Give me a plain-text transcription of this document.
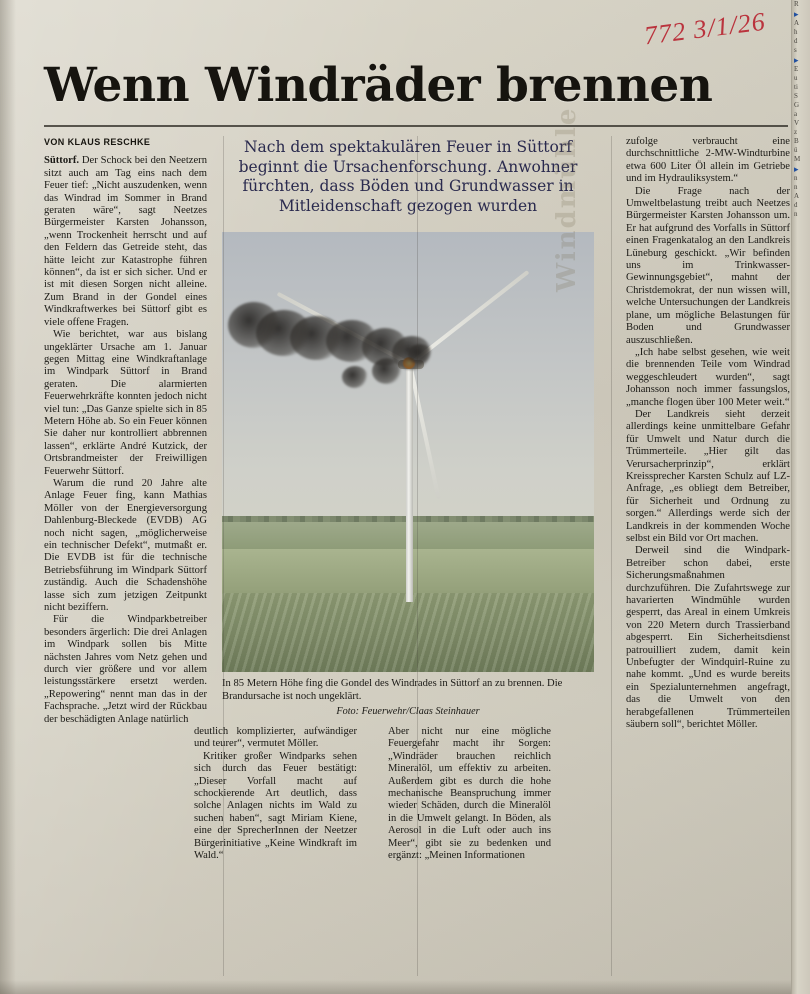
772 3/1/26
Wenn Windräder brennen
Nach dem spektakulären Feuer in Süttorf beginnt die Ursachenforschung. Anwohner fürchten, dass Böden und Grundwasser in Mitleidenschaft gezogen wurden Windmühle
In 85 Metern Höhe fing die Gondel des Windrades in Süttorf an zu brennen. Die Brandursache ist noch ungeklärt.
Foto: Feuerwehr/Claas Steinhauer
VON KLAUS RESCHKE

Süttorf. Der Schock bei den Neetzern sitzt auch am Tag eins nach dem Feuer tief: „Nicht auszudenken, wenn das Windrad im Sommer in Brand geraten wäre“, sagt Neetzes Bürgermeister Karsten Johansson, „wenn Trockenheit herrscht und auf den Feldern das Getreide steht, das hätte leicht zur Katastrophe führen können“, da ist er sich sicher. Und er ist mit diesen Sorgen nicht alleine. Zum Brand in der Gondel eines Windkraftwerkes bei Süttorf gibt es viele offene Fragen.

Wie berichtet, war aus bislang ungeklärter Ursache am 1. Januar gegen Mittag eine Windkraftanlage im Windpark Süttorf in Brand geraten. Die alarmierten Feuerwehrkräfte konnten jedoch nicht viel tun: „Das Ganze spielte sich in 85 Metern Höhe ab. So ein Feuer können Sie daher nur kontrolliert abbrennen lassen“, erklärte André Kutzick, der Ortsbrandmeister der Freiwilligen Feuerwehr Süttorf.

Warum die rund 20 Jahre alte Anlage Feuer fing, kann Mathias Möller von der Energieversorgung Dahlenburg-Bleckede (EVDB) AG noch nicht sagen, „möglicherweise ein technischer Defekt“, mutmaßt er. Die EVDB ist für die technische Betriebsführung im Windpark Süttorf zuständig. Auch die Schadenshöhe lasse sich zum jetzigen Zeitpunkt nicht beziffern.

Für die Windparkbetreiber besonders ärgerlich: Die drei Anlagen im Windpark sollen bis Mitte nächsten Jahres vom Netz gehen und durch vier größere und vor allem leistungsstärkere ersetzt werden. „Repowering“ nennt man das in der Fachsprache. „Jetzt wird der Rückbau der beschädigten Anlage natürlich

zufolge verbraucht eine durchschnittliche 2-MW-Windturbine etwa 600 Liter Öl allein im Getriebe und im Hydrauliksystem.“

Die Frage nach der Umweltbelastung treibt auch Neetzes Bürgermeister Karsten Johansson um. Er hat aufgrund des Vorfalls in Süttorf einen Fragenkatalog an den Landkreis Lüneburg geschickt. „Wir befinden uns im Trinkwasser-Gewinnungsgebiet“, mahnt der Christdemokrat, der nun wissen will, welche Untersuchungen der Landkreis plane, um mögliche Belastungen für Boden und Grundwasser auszuschließen.

„Ich habe selbst gesehen, wie weit die brennenden Teile vom Windrad weggeschleudert wurden“, sagt Johansson noch immer fassungslos, „manche flogen über 100 Meter weit.“

Der Landkreis sieht derzeit allerdings keine unmittelbare Gefahr für Umwelt und Natur durch die Trümmerteile. „Hier gilt das Verursacherprinzip“, erklärt Kreissprecher Karsten Schulz auf LZ-Anfrage, „es obliegt dem Betreiber, für Sicherheit und Ordnung zu sorgen.“ Allerdings werde sich der Landkreis in der kommenden Woche selbst ein Bild vor Ort machen.

Derweil sind die Windpark-Betreiber schon dabei, erste Sicherungsmaßnahmen durchzuführen. Die Zufahrtswege zur havarierten Windmühle wurden gesperrt, das Areal in einem Umkreis von 220 Metern durch Trassierband abgesperrt. Ein Sicherheitsdienst patrouilliert zudem, damit kein Unbefugter der Windquirl-Ruine zu nahe kommt. „Und es wurde bereits ein Spezialunternehmen angefragt, das die Umwelt von den herabgefallenen Trümmerteilen säubern soll“, berichtet Möller.

deutlich komplizierter, aufwändiger und teurer“, vermutet Möller.

Kritiker großer Windparks sehen sich durch das Feuer bestätigt: „Dieser Vorfall macht auf schockierende Art deutlich, dass solche Anlagen nichts im Wald zu suchen haben“, sagt Miriam Kiene, eine der SprecherInnen der Neetzer Bürgerinitiative „Keine Windkraft im Wald.“

Aber nicht nur eine mögliche Feuergefahr macht ihr Sorgen: „Windräder brauchen reichlich Mineralöl, um effektiv zu arbeiten. Außerdem gibt es durch die hohe mechanische Beanspruchung immer wieder Schäden, durch die Mineralöl in die Umwelt gelangt. In Böden, als Aerosol in die Luft oder auch ins Meer“, gibt sie zu bedenken und ergänzt: „Meinen Informationen

R
▸
A
h
d
s
▸
E
u
ti
S
G
a
V
z
B
ü
M
▸
n
n
A
d
n
